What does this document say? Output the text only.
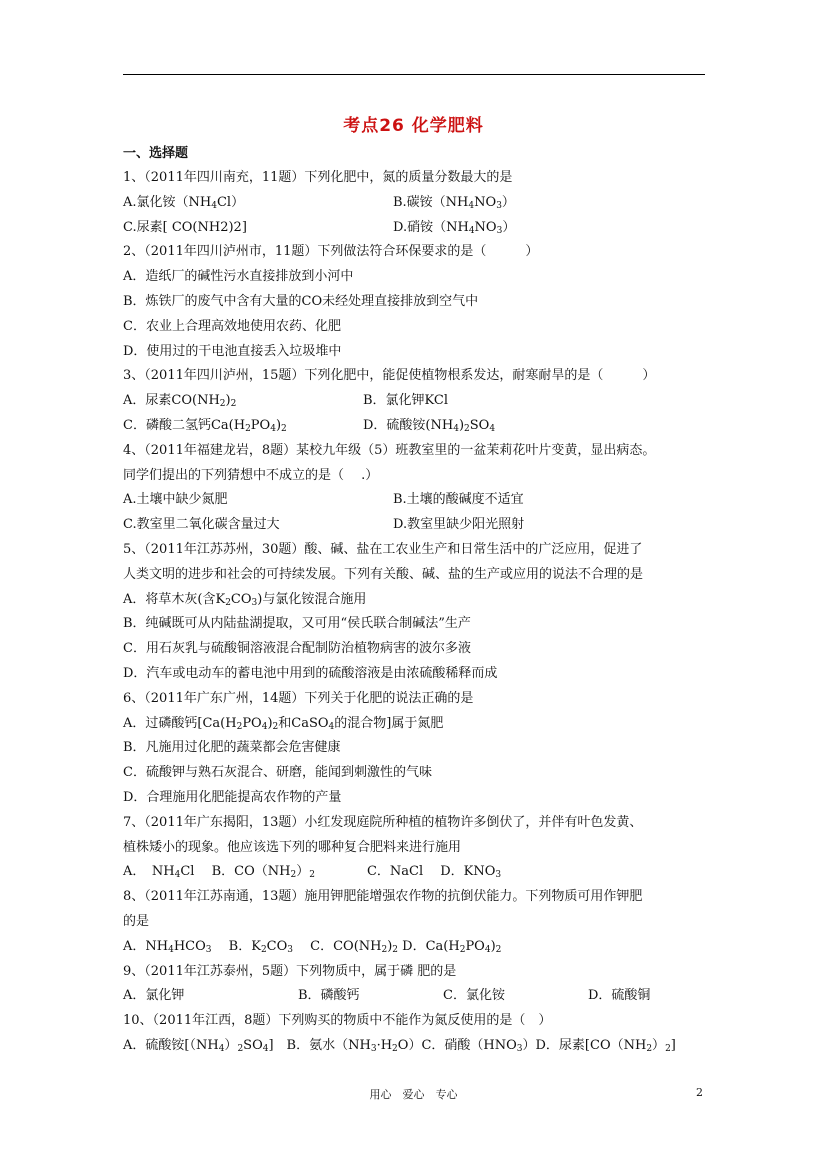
考点26 化学肥料
一、选择题
1、（2011年四川南充，11题）下列化肥中，氮的质量分数最大的是
A.氯化铵$(NH_4Cl)$	B.碳铵$(NH_4NO_3)$
C.尿素[ CO(NH2)2]	D.硝铵$(NH_4NO_3)$
2、（2011年四川泸州市，11题）下列做法符合环保要求的是（　　　）
A．造纸厂的碱性污水直接排放到小河中
B．炼铁厂的废气中含有大量的CO未经处理直接排放到空气中
C．农业上合理高效地使用农药、化肥
D．使用过的干电池直接丢入垃圾堆中
3、（2011年四川泸州，15题）下列化肥中，能促使植物根系发达，耐寒耐旱的是（　　　）
A．尿素$CO(NH_2)_2$	B．氯化钾KCl
C．磷酸二氢钙$Ca(H_2PO_4)_2$	D．硫酸铵$(NH_4)_2SO_4$
4、（2011年福建龙岩，8题）某校九年级（5）班教室里的一盆茉莉花叶片变黄，显出病态。
同学们提出的下列猜想中不成立的是（　 .）
A.土壤中缺少氮肥	B.土壤的酸碱度不适宜
C.教室里二氧化碳含量过大	D.教室里缺少阳光照射
5、（2011年江苏苏州，30题）酸、碱、盐在工农业生产和日常生活中的广泛应用，促进了
人类文明的进步和社会的可持续发展。下列有关酸、碱、盐的生产或应用的说法不合理的是
A．将草木灰(含$K_2CO_3$)与氯化铵混合施用
B．纯碱既可从内陆盐湖提取，又可用“侯氏联合制碱法”生产
C．用石灰乳与硫酸铜溶液混合配制防治植物病害的波尔多液
D．汽车或电动车的蓄电池中用到的硫酸溶液是由浓硫酸稀释而成
6、（2011年广东广州，14题）下列关于化肥的说法正确的是
A．过磷酸钙[$Ca(H_2PO_4)_2$和CaSO$_4$的混合物]属于氮肥
B．凡施用过化肥的蔬菜都会危害健康
C．硫酸钾与熟石灰混合、研磨，能闻到刺激性的气味
D．合理施用化肥能提高农作物的产量
7、（2011年广东揭阳，13题）小红发现庭院所种植的植物许多倒伏了，并伴有叶色发黄、
植株矮小的现象。他应该选下列的哪种复合肥料来进行施用
A．　$NH_4Cl$　 B．$CO(NH_2)_2$　　　　C．NaCl　 D．$KNO_3$
8、（2011年江苏南通，13题）施用钾肥能增强农作物的抗倒伏能力。下列物质可用作钾肥
的是
A．$NH_4HCO_3$　 B．$K_2CO_3$　 C．$CO(NH_2)_2$ D．$Ca(H_2PO_4)_2$
9、（2011年江苏泰州，5题）下列物质中，属于磷 肥的是
A．氯化钾	B．磷酸钙	C．氯化铵	D．硫酸铜
10、（2011年江西，8题）下列购买的物质中不能作为氮反使用的是（　）
A．硫酸铵$[(NH_4)_2SO_4]$　B．氨水$(NH_3\cdot H_2O)C$．硝酸$(HNO_3)D$．尿素$[CO(NH_2)_2]$
用心　爱心　专心	2
